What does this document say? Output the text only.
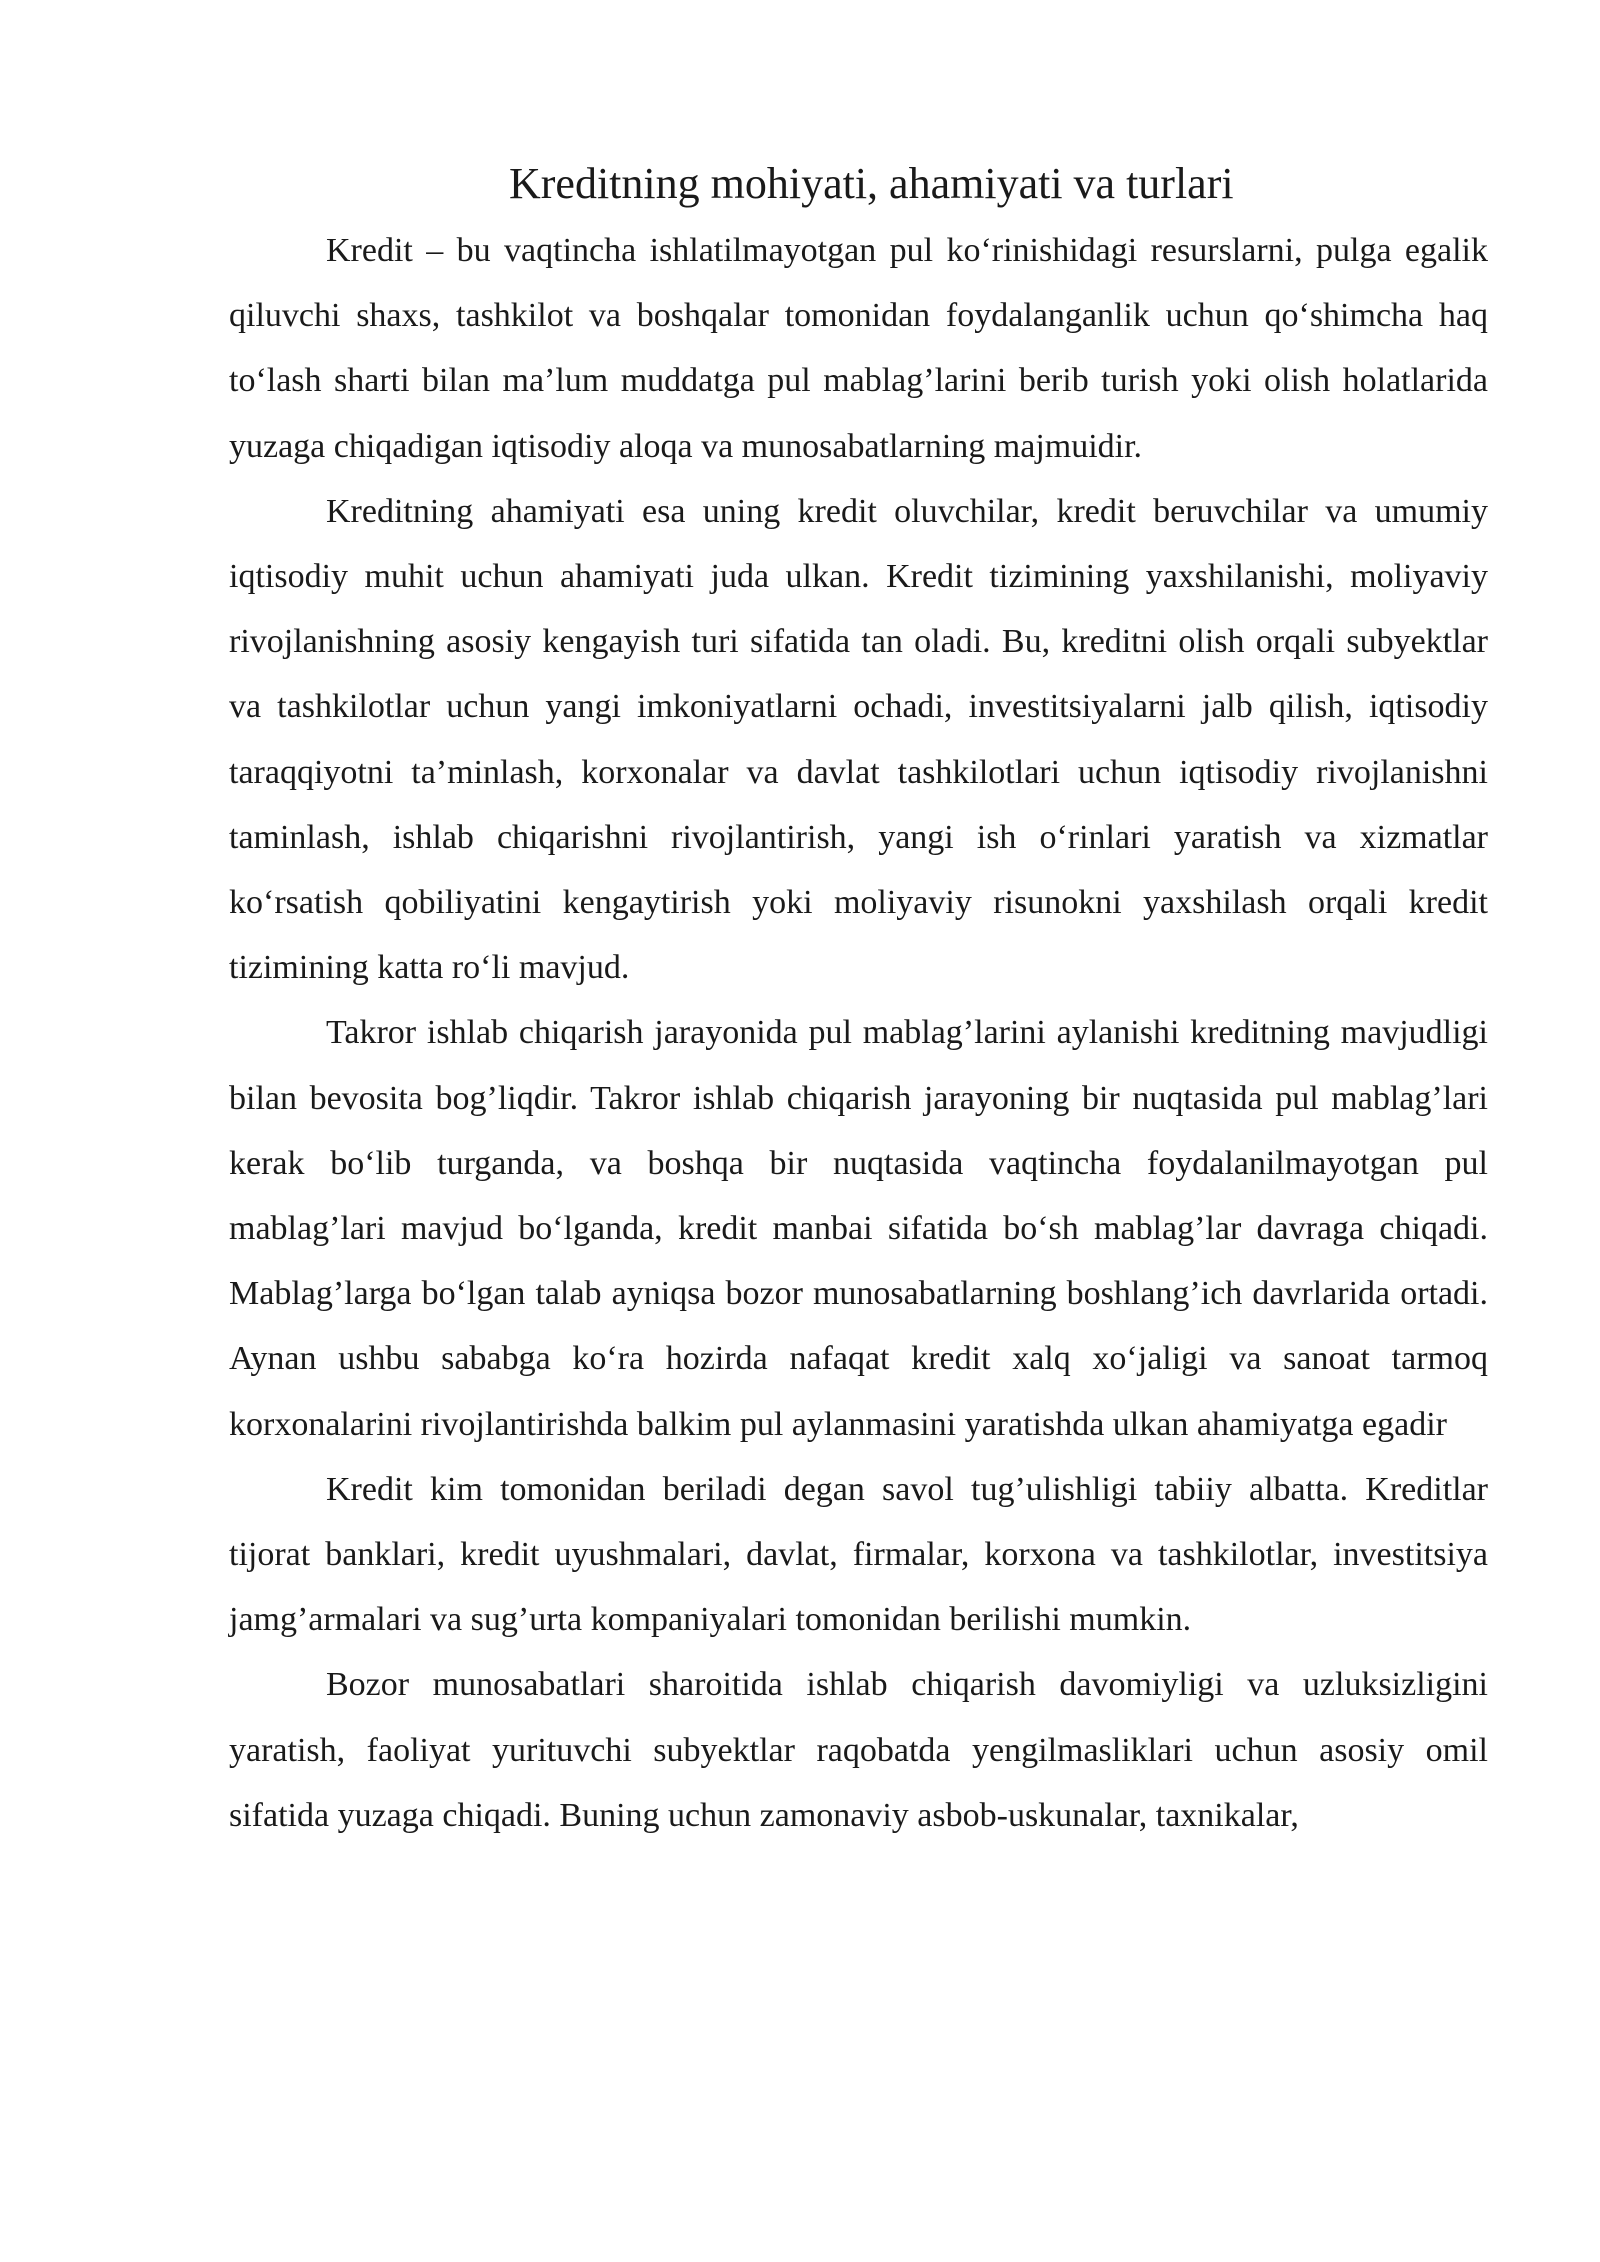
Kreditning mohiyati, ahamiyati va turlari

Kredit – bu vaqtincha ishlatilmayotgan pul ko‘rinishidagi resurslarni, pulga egalik qiluvchi shaxs, tashkilot va boshqalar tomonidan foydalanganlik uchun qo‘shimcha haq to‘lash sharti bilan ma’lum muddatga pul mablag’larini berib turish yoki olish holatlarida yuzaga chiqadigan iqtisodiy aloqa va munosabatlarning majmuidir.

Kreditning ahamiyati esa uning kredit oluvchilar, kredit beruvchilar va umumiy iqtisodiy muhit uchun ahamiyati juda ulkan. Kredit tizimining yaxshilanishi, moliyaviy rivojlanishning asosiy kengayish turi sifatida tan oladi. Bu, kreditni olish orqali subyektlar va tashkilotlar uchun yangi imkoniyatlarni ochadi, investitsiyalarni jalb qilish, iqtisodiy taraqqiyotni ta’minlash, korxonalar va davlat tashkilotlari uchun iqtisodiy rivojlanishni taminlash, ishlab chiqarishni rivojlantirish, yangi ish o‘rinlari yaratish va xizmatlar ko‘rsatish qobiliyatini kengaytirish yoki moliyaviy risunokni yaxshilash orqali kredit tizimining katta ro‘li mavjud.

Takror ishlab chiqarish jarayonida pul mablag’larini aylanishi kreditning mavjudligi bilan bevosita bog’liqdir. Takror ishlab chiqarish jarayoning bir nuqtasida pul mablag’lari kerak bo‘lib turganda, va boshqa bir nuqtasida vaqtincha foydalanilmayotgan pul mablag’lari mavjud bo‘lganda, kredit manbai sifatida bo‘sh mablag’lar davraga chiqadi. Mablag’larga bo‘lgan talab ayniqsa bozor munosabatlarning boshlang’ich davrlarida ortadi. Aynan ushbu sababga ko‘ra hozirda nafaqat kredit xalq xo‘jaligi va sanoat tarmoq korxonalarini rivojlantirishda balkim pul aylanmasini yaratishda ulkan ahamiyatga egadir

Kredit kim tomonidan beriladi degan savol tug’ulishligi tabiiy albatta. Kreditlar tijorat banklari, kredit uyushmalari, davlat, firmalar, korxona va tashkilotlar, investitsiya jamg’armalari va sug’urta kompaniyalari tomonidan berilishi mumkin.

Bozor munosabatlari sharoitida ishlab chiqarish davomiyligi va uzluksizligini yaratish, faoliyat yurituvchi subyektlar raqobatda yengilmasliklari uchun asosiy omil sifatida yuzaga chiqadi. Buning uchun zamonaviy asbob-uskunalar, taxnikalar,
